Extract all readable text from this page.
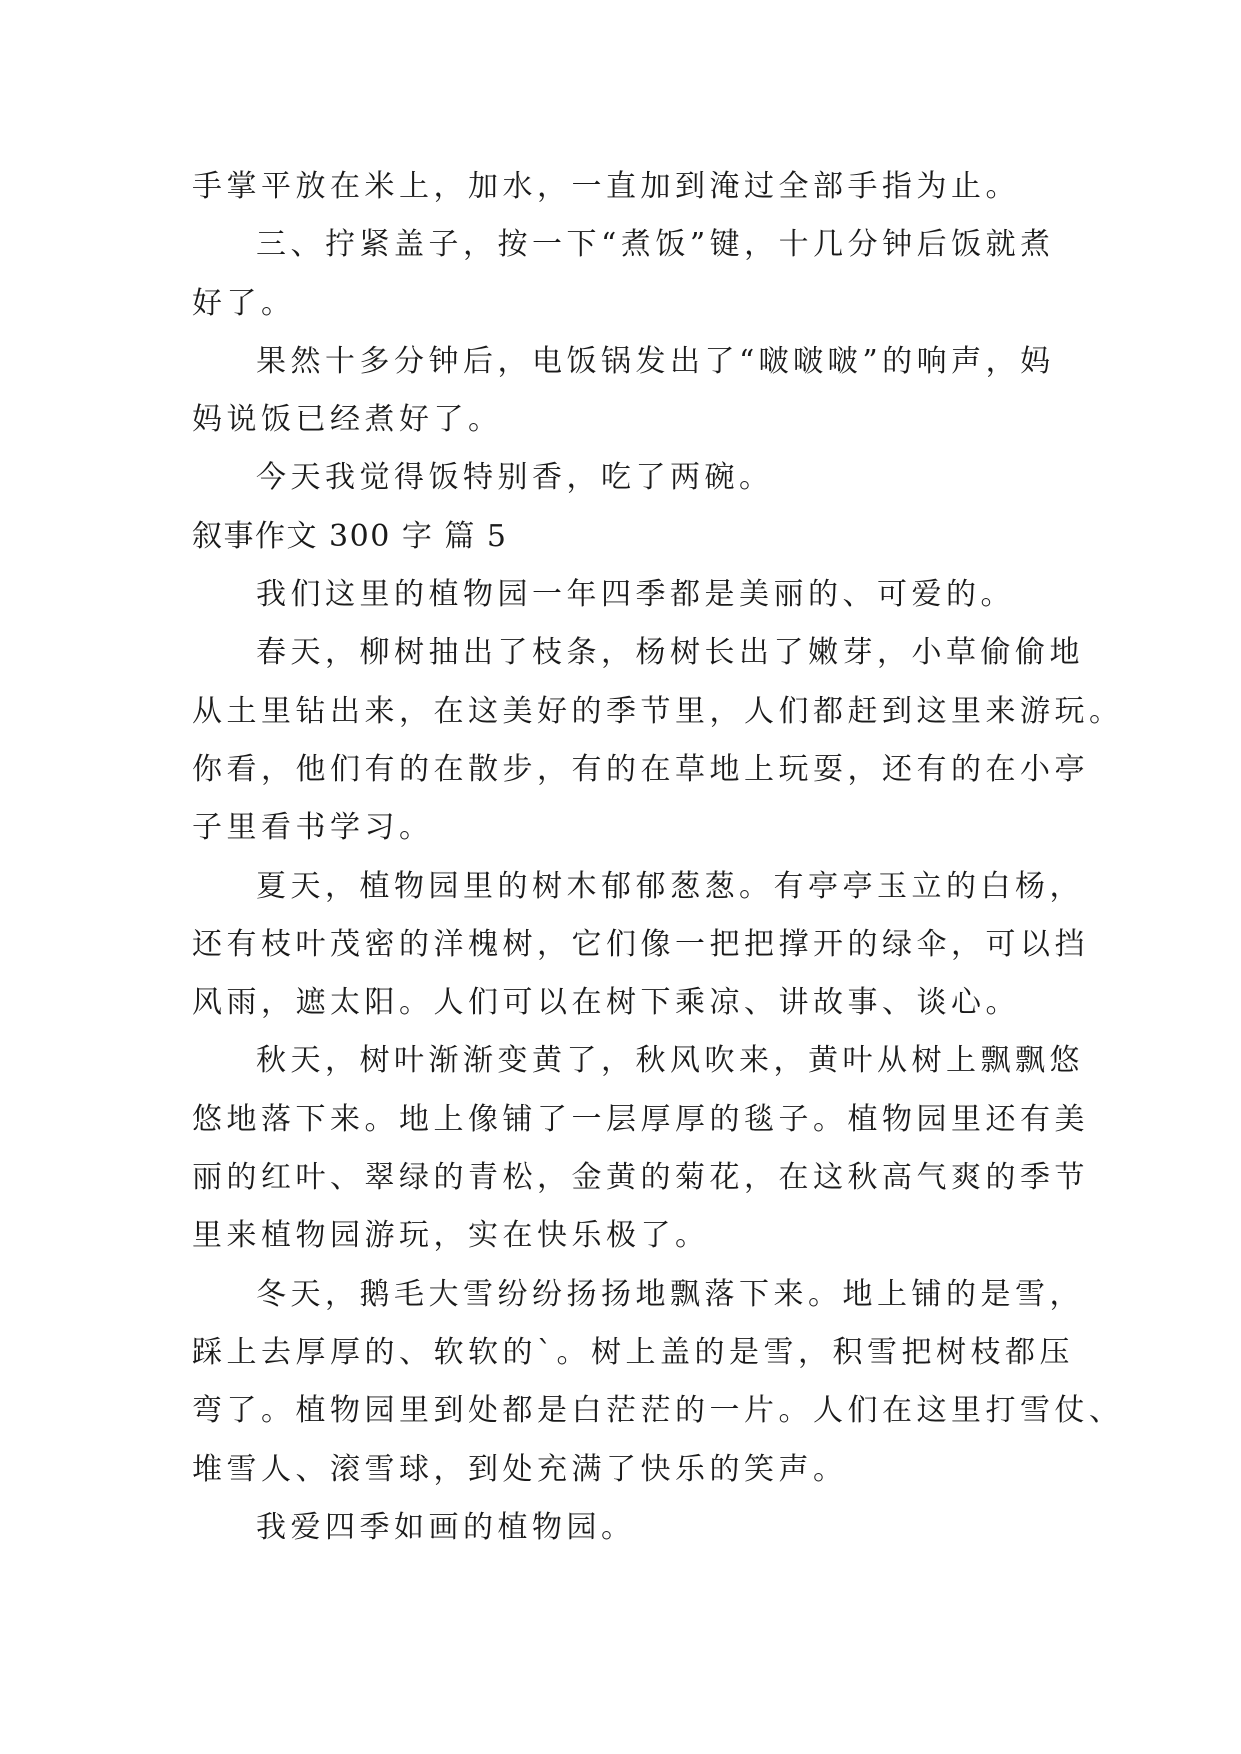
手掌平放在米上，加水，一直加到淹过全部手指为止。
三、拧紧盖子，按一下“煮饭”键，十几分钟后饭就煮
好了。
果然十多分钟后，电饭锅发出了“啵啵啵”的响声，妈
妈说饭已经煮好了。
今天我觉得饭特别香，吃了两碗。
叙事作文 300 字 篇 5
我们这里的植物园一年四季都是美丽的、可爱的。
春天，柳树抽出了枝条，杨树长出了嫩芽，小草偷偷地
从土里钻出来，在这美好的季节里，人们都赶到这里来游玩。
你看，他们有的在散步，有的在草地上玩耍，还有的在小亭
子里看书学习。
夏天，植物园里的树木郁郁葱葱。有亭亭玉立的白杨，
还有枝叶茂密的洋槐树，它们像一把把撑开的绿伞，可以挡
风雨，遮太阳。人们可以在树下乘凉、讲故事、谈心。
秋天，树叶渐渐变黄了，秋风吹来，黄叶从树上飘飘悠
悠地落下来。地上像铺了一层厚厚的毯子。植物园里还有美
丽的红叶、翠绿的青松，金黄的菊花，在这秋高气爽的季节
里来植物园游玩，实在快乐极了。
冬天，鹅毛大雪纷纷扬扬地飘落下来。地上铺的是雪，
踩上去厚厚的、软软的`。树上盖的是雪，积雪把树枝都压
弯了。植物园里到处都是白茫茫的一片。人们在这里打雪仗、
堆雪人、滚雪球，到处充满了快乐的笑声。
我爱四季如画的植物园。
